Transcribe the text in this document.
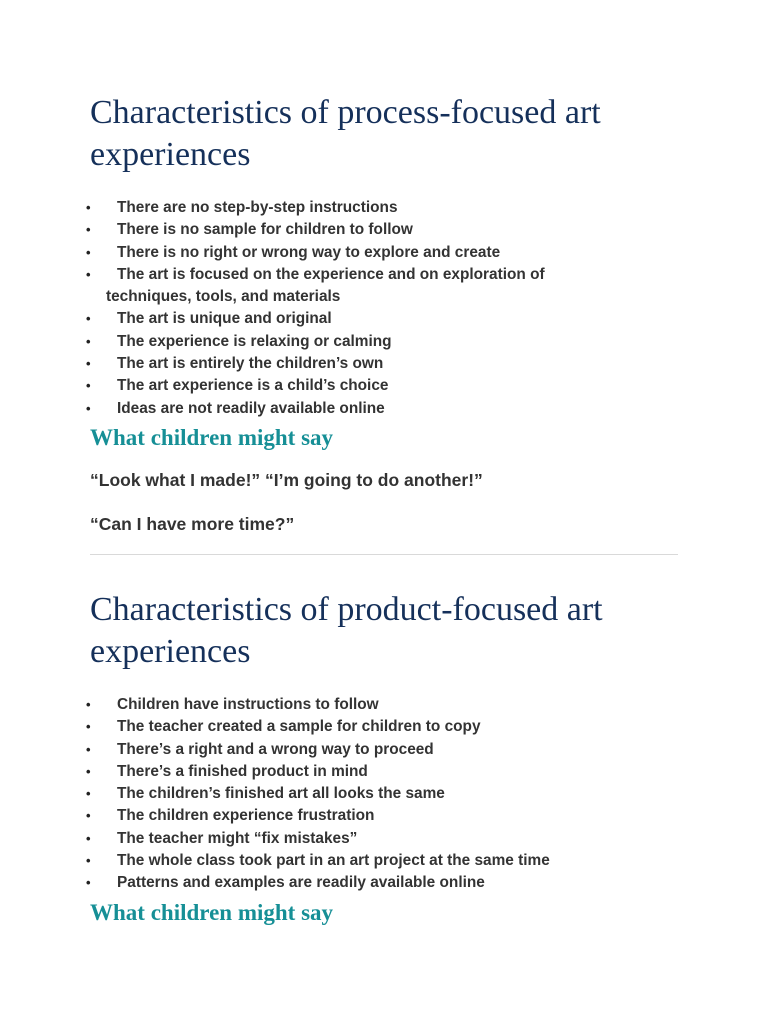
Characteristics of process-focused art
experiences
• There are no step-by-step instructions
• There is no sample for children to follow
• There is no right or wrong way to explore and create
• The art is focused on the experience and on exploration of
techniques, tools, and materials
• The art is unique and original
• The experience is relaxing or calming
• The art is entirely the children’s own
• The art experience is a child’s choice
• Ideas are not readily available online
What children might say

“Look what I made!” “I’m going to do another!”

“Can I have more time?”

Characteristics of product-focused art
experiences
• Children have instructions to follow
• The teacher created a sample for children to copy
• There’s a right and a wrong way to proceed
• There’s a finished product in mind
• The children’s finished art all looks the same
• The children experience frustration
• The teacher might “fix mistakes”
• The whole class took part in an art project at the same time
• Patterns and examples are readily available online
What children might say
